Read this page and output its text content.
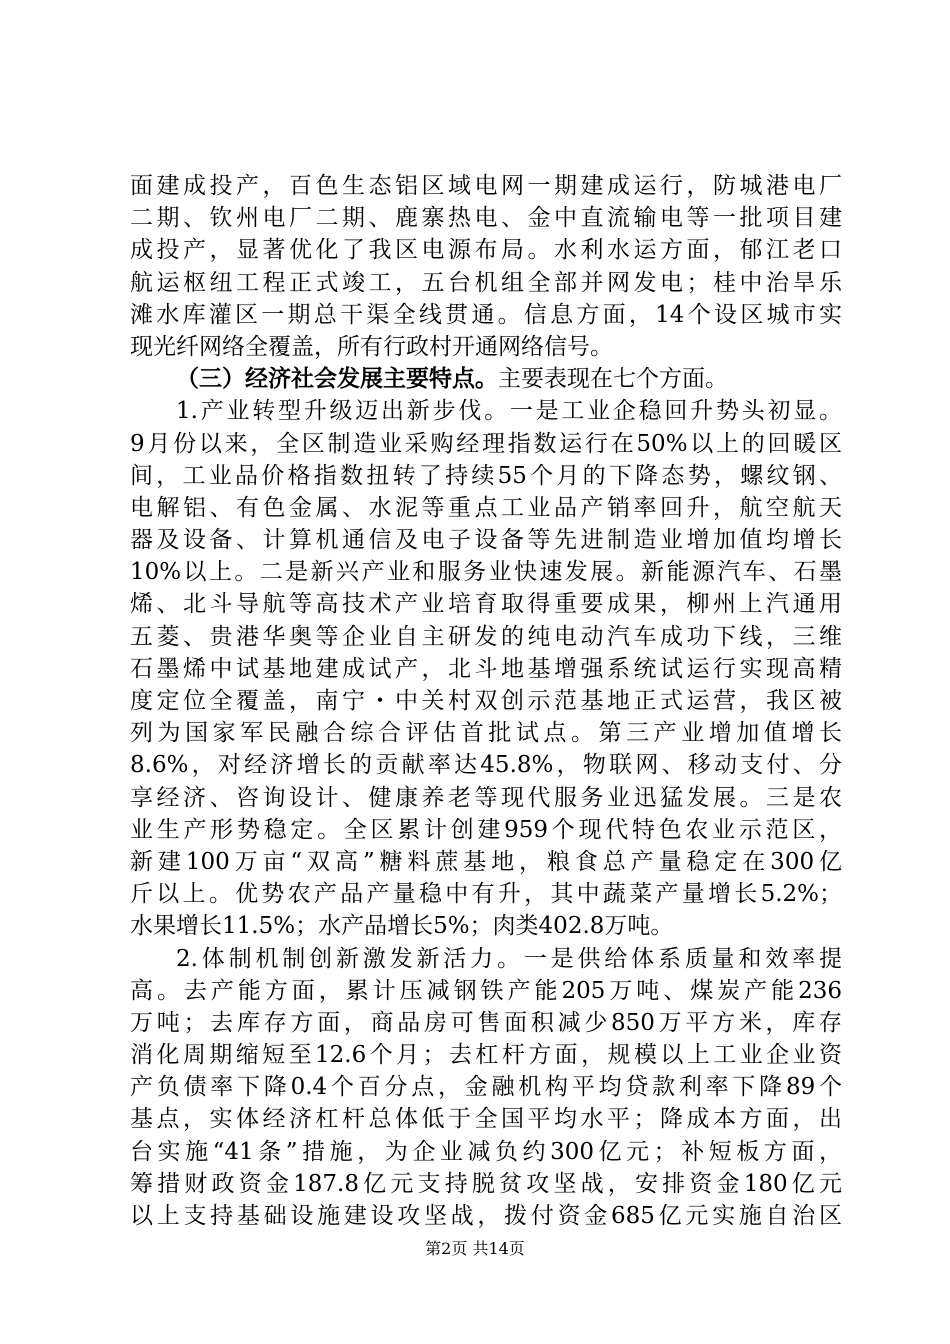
面建成投产，百色生态铝区域电网一期建成运行，防城港电厂
二期、钦州电厂二期、鹿寨热电、金中直流输电等一批项目建
成投产，显著优化了我区电源布局。水利水运方面，郁江老口
航运枢纽工程正式竣工，五台机组全部并网发电；桂中治旱乐
滩水库灌区一期总干渠全线贯通。信息方面，14个设区城市实
现光纤网络全覆盖，所有行政村开通网络信号。
（三）经济社会发展主要特点。主要表现在七个方面。
1.产业转型升级迈出新步伐。一是工业企稳回升势头初显。
9月份以来，全区制造业采购经理指数运行在50%以上的回暖区
间，工业品价格指数扭转了持续55个月的下降态势，螺纹钢、
电解铝、有色金属、水泥等重点工业品产销率回升，航空航天
器及设备、计算机通信及电子设备等先进制造业增加值均增长
10%以上。二是新兴产业和服务业快速发展。新能源汽车、石墨
烯、北斗导航等高技术产业培育取得重要成果，柳州上汽通用
五菱、贵港华奥等企业自主研发的纯电动汽车成功下线，三维
石墨烯中试基地建成试产，北斗地基增强系统试运行实现高精
度定位全覆盖，南宁・中关村双创示范基地正式运营，我区被
列为国家军民融合综合评估首批试点。第三产业增加值增长
8.6%，对经济增长的贡献率达45.8%，物联网、移动支付、分
享经济、咨询设计、健康养老等现代服务业迅猛发展。三是农
业生产形势稳定。全区累计创建959个现代特色农业示范区，
新建100万亩“双高”糖料蔗基地，粮食总产量稳定在300亿
斤以上。优势农产品产量稳中有升，其中蔬菜产量增长5.2%；
水果增长11.5%；水产品增长5%；肉类402.8万吨。
2.体制机制创新激发新活力。一是供给体系质量和效率提
高。去产能方面，累计压减钢铁产能205万吨、煤炭产能236
万吨；去库存方面，商品房可售面积减少850万平方米，库存
消化周期缩短至12.6个月；去杠杆方面，规模以上工业企业资
产负债率下降0.4个百分点，金融机构平均贷款利率下降89个
基点，实体经济杠杆总体低于全国平均水平；降成本方面，出
台实施“41条”措施，为企业减负约300亿元；补短板方面，
筹措财政资金187.8亿元支持脱贫攻坚战，安排资金180亿元
以上支持基础设施建设攻坚战，拨付资金685亿元实施自治区
第2页 共14页
